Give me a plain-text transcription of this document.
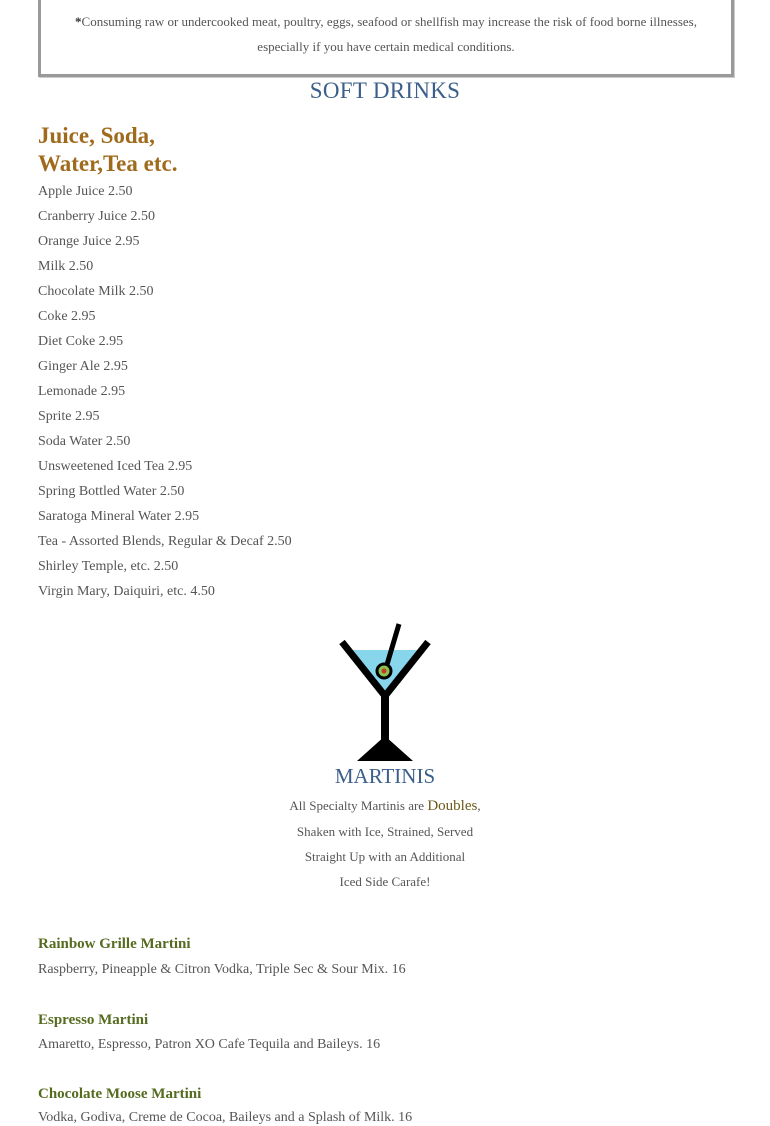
*Consuming raw or undercooked meat, poultry, eggs, seafood or shellfish may increase the risk of food borne illnesses,
especially if you have certain medical conditions.
SOFT DRINKS
Juice, Soda,
Water,Tea etc.
Apple Juice 2.50
Cranberry Juice 2.50
Orange Juice 2.95
Milk 2.50
Chocolate Milk 2.50
Coke 2.95
Diet Coke 2.95
Ginger Ale 2.95
Lemonade 2.95
Sprite 2.95
Soda Water 2.50
Unsweetened Iced Tea 2.95
Spring Bottled Water 2.50
Saratoga Mineral Water 2.95
Tea - Assorted Blends, Regular & Decaf 2.50
Shirley Temple, etc. 2.50
Virgin Mary, Daiquiri, etc. 4.50
MARTINIS
All Specialty Martinis are Doubles,
Shaken with Ice, Strained, Served
Straight Up with an Additional
Iced Side Carafe!
Rainbow Grille Martini
Raspberry, Pineapple & Citron Vodka, Triple Sec & Sour Mix. 16
Espresso Martini
Amaretto, Espresso, Patron XO Cafe Tequila and Baileys. 16
Chocolate Moose Martini
Vodka, Godiva, Creme de Cocoa, Baileys and a Splash of Milk. 16
